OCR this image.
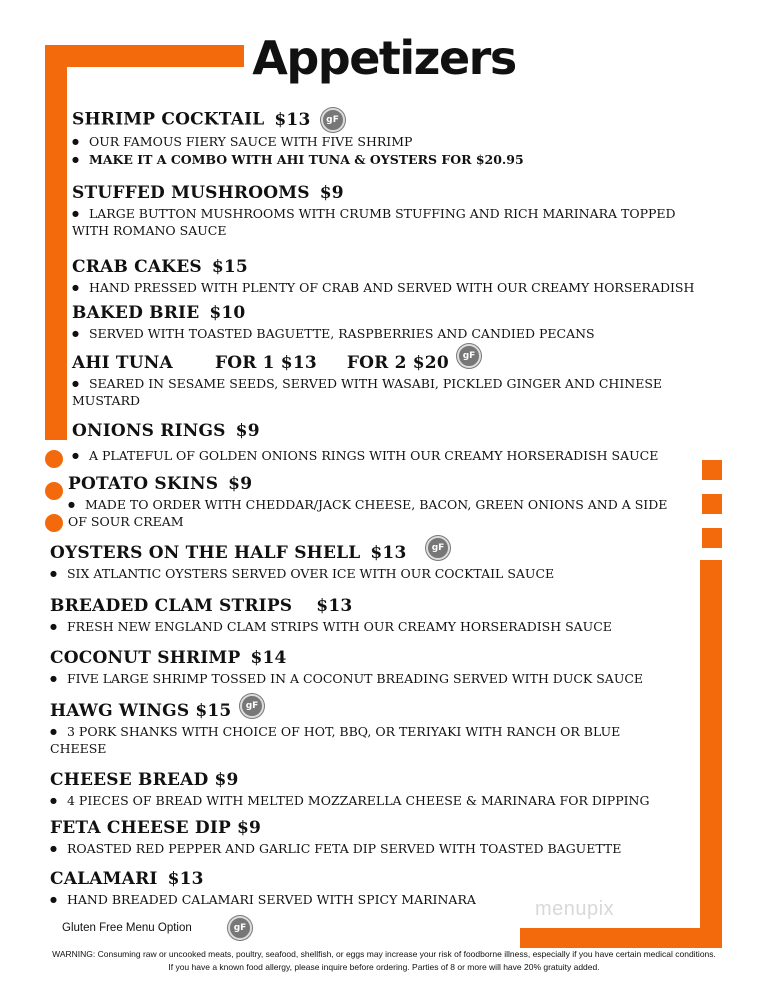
Appetizers
SHRIMP COCKTAIL $13 gF
● OUR FAMOUS FIERY SAUCE WITH FIVE SHRIMP
● MAKE IT A COMBO WITH AHI TUNA & OYSTERS FOR $20.95
STUFFED MUSHROOMS $9
● LARGE BUTTON MUSHROOMS WITH CRUMB STUFFING AND RICH MARINARA TOPPED WITH ROMANO SAUCE
CRAB CAKES $15
● HAND PRESSED WITH PLENTY OF CRAB AND SERVED WITH OUR CREAMY HORSERADISH
BAKED BRIE $10
● SERVED WITH TOASTED BAGUETTE, RASPBERRIES AND CANDIED PECANS
AHI TUNA FOR 1 $13 FOR 2 $20
● SEARED IN SESAME SEEDS, SERVED WITH WASABI, PICKLED GINGER AND CHINESE MUSTARD
gF
ONIONS RINGS $9
● A PLATEFUL OF GOLDEN ONIONS RINGS WITH OUR CREAMY HORSERADISH SAUCE
POTATO SKINS $9
● MADE TO ORDER WITH CHEDDAR/JACK CHEESE, BACON, GREEN ONIONS AND A SIDE OF SOUR CREAM
OYSTERS ON THE HALF SHELL $13
● SIX ATLANTIC OYSTERS SERVED OVER ICE WITH OUR COCKTAIL SAUCE
gF
BREADED CLAM STRIPS $13
● FRESH NEW ENGLAND CLAM STRIPS WITH OUR CREAMY HORSERADISH SAUCE
COCONUT SHRIMP $14
● FIVE LARGE SHRIMP TOSSED IN A COCONUT BREADING SERVED WITH DUCK SAUCE
HAWG WINGS $15
● 3 PORK SHANKS WITH CHOICE OF HOT, BBQ, OR TERIYAKI WITH RANCH OR BLUE CHEESE
gF
CHEESE BREAD $9
● 4 PIECES OF BREAD WITH MELTED MOZZARELLA CHEESE & MARINARA FOR DIPPING
FETA CHEESE DIP $9
● ROASTED RED PEPPER AND GARLIC FETA DIP SERVED WITH TOASTED BAGUETTE
CALAMARI $13
● HAND BREADED CALAMARI SERVED WITH SPICY MARINARA	menupix
Gluten Free Menu Option	gF
WARNING: Consuming raw or uncooked meats, poultry, seafood, shellfish, or eggs may increase your risk of foodborne illness, especially if you have certain medical conditions.
If you have a known food allergy, please inquire before ordering. Parties of 8 or more will have 20% gratuity added.
